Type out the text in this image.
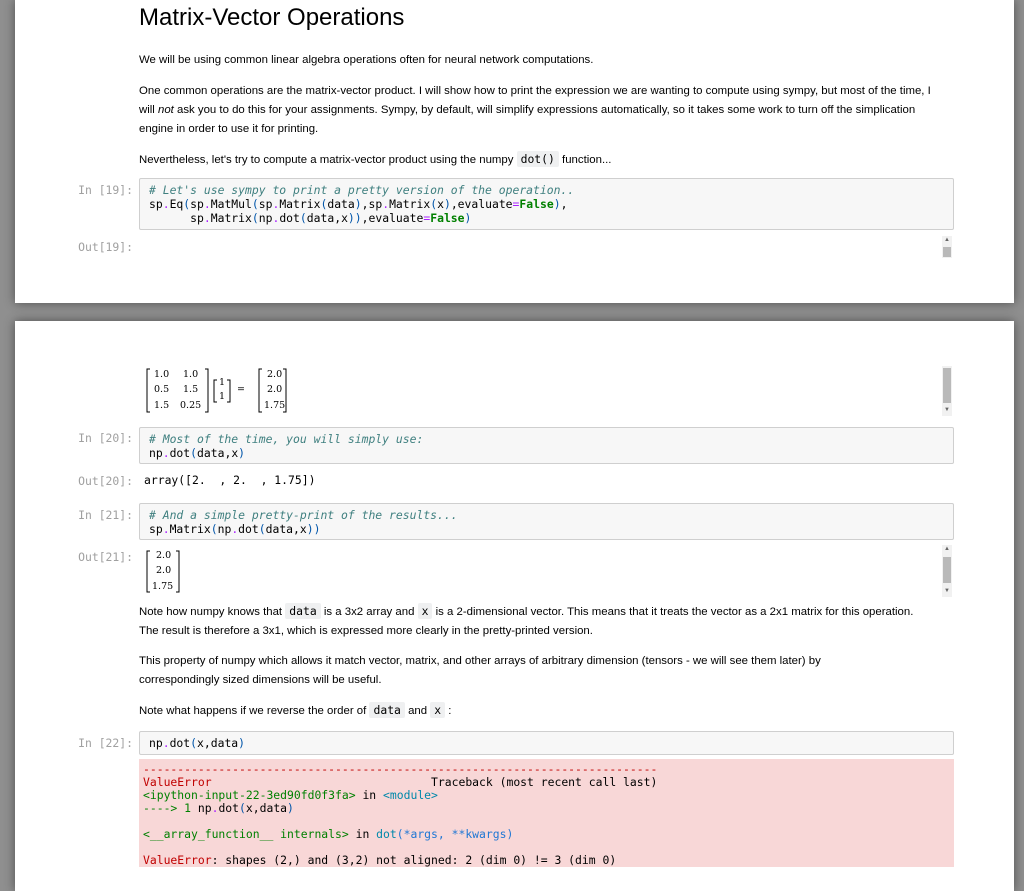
Matrix-Vector Operations
We will be using common linear algebra operations often for neural network computations.
One common operations are the matrix-vector product. I will show how to print the expression we are wanting to compute using sympy, but most of the time, I will not ask you to do this for your assignments. Sympy, by default, will simplify expressions automatically, so it takes some work to turn off the simplication engine in order to use it for printing.
Nevertheless, let's try to compute a matrix-vector product using the numpy dot() function...
In [19]:	# Let's use sympy to print a pretty version of the operation..
sp.Eq(sp.MatMul(sp.Matrix(data),sp.Matrix(x),evaluate=False),
sp.Matrix(np.dot(data,x)),evaluate=False)
Out[19]:	▲
1.0 1.0
0.5 1.5
1.5 0.25
1
1
=
2.0
2.0
1.75	▼
In [20]:	# Most of the time, you will simply use:
np.dot(data,x)
Out[20]: array([2.  , 2.  , 1.75])
In [21]:	# And a simple pretty-print of the results...
sp.Matrix(np.dot(data,x))
Out[21]: 2.0
2.0
1.75
▲
▼
Note how numpy knows that data is a 3x2 array and x is a 2-dimensional vector. This means that it treats the vector as a 2x1 matrix for this operation. The result is therefore a 3x1, which is expressed more clearly in the pretty-printed version.
This property of numpy which allows it match vector, matrix, and other arrays of arbitrary dimension (tensors - we will see them later) by correspondingly sized dimensions will be useful.
Note what happens if we reverse the order of data and x :
In [22]:	np.dot(x,data)
---------------------------------------------------------------------------
ValueError                                Traceback (most recent call last)
<ipython-input-22-3ed90fd0f3fa> in <module>
----> 1 np.dot(x,data)

<__array_function__ internals> in dot(*args, **kwargs)

ValueError: shapes (2,) and (3,2) not aligned: 2 (dim 0) != 3 (dim 0)
